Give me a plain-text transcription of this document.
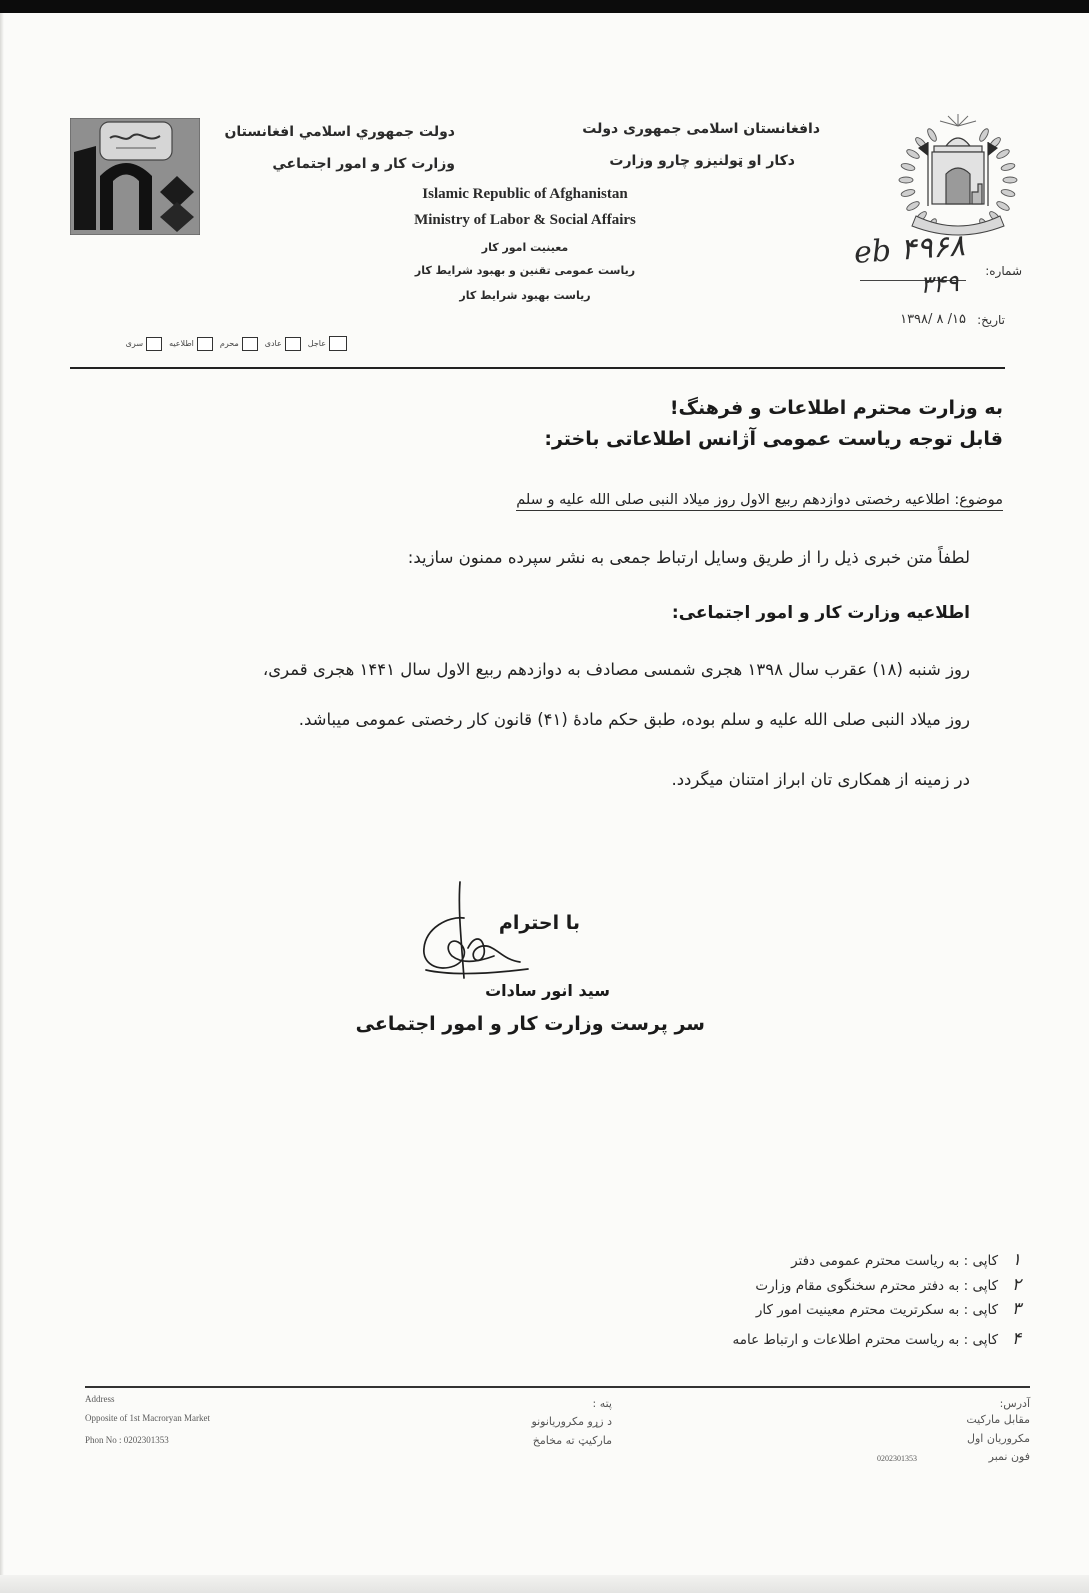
دولت جمهوري اسلامي افغانستان
وزارت کار و امور اجتماعي
دافغانستان اسلامی جمهوری دولت
دکار او ټولنیزو چارو وزارت
Islamic Republic of Afghanistan
Ministry of Labor & Social Affairs
معینیت امور کار
ریاست عمومی تقنین و بهبود شرایط کار
ریاست بهبود شرایط کار
شماره:
eb ۴۹۶۸
۳۴۹
تاریخ:
۱۳۹۸/ ۸ /۱۵
عاجل
عادی
محرم
اطلاعیه
سری
به وزارت محترم اطلاعات و فرهنگ!
قابل توجه ریاست عمومی آژانس اطلاعاتی باختر:
موضوع: اطلاعیه رخصتی دوازدهم ربیع الاول روز میلاد النبی صلی الله علیه و سلم
لطفاً متن خبری ذیل را از طریق وسایل ارتباط جمعی به نشر سپرده ممنون سازید:
اطلاعیه وزارت کار و امور اجتماعی:
روز شنبه (۱۸) عقرب سال ۱۳۹۸ هجری شمسی مصادف به دوازدهم ربیع الاول سال ۱۴۴۱ هجری قمری،
روز میلاد النبی صلی الله علیه و سلم بوده، طبق حکم مادهٔ (۴۱) قانون کار رخصتی عمومی میباشد.
در زمینه از همکاری تان ابراز امتنان میگردد.
با احترام
سید انور سادات
سر پرست وزارت کار و امور اجتماعی
۱
کاپی : به ریاست محترم عمومی دفتر
۲
کاپی : به دفتر محترم سخنگوی مقام وزارت
۳
کاپی : به سکرتریت محترم معینیت امور کار
۴
کاپی : به ریاست محترم اطلاعات و ارتباط عامه
Address
Opposite of 1st Macroryan Market
Phon No : 0202301353
پته :
د زړو مکروریانونو
مارکیټ ته مخامخ
آدرس:
مقابل مارکیت
مکروریان اول
فون نمبر
0202301353
